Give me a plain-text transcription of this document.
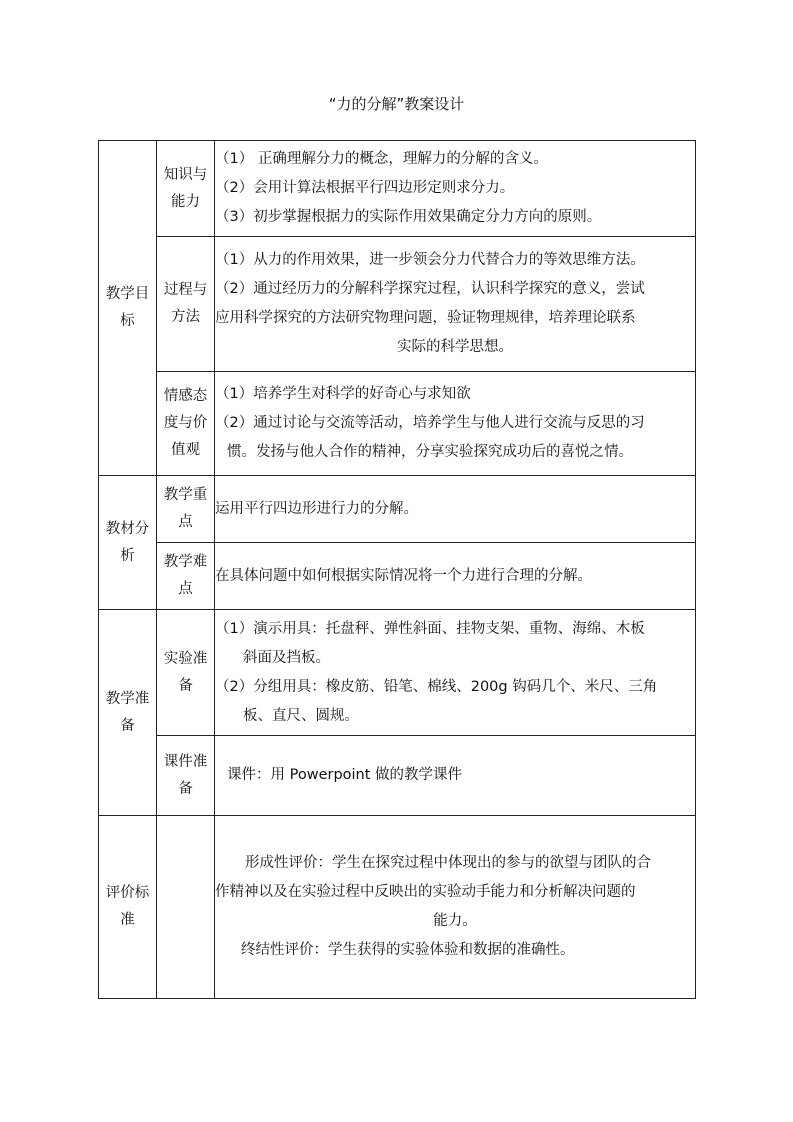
“力的分解”教案设计
教学目标	知识与能力	（1） 正确理解分力的概念，理解力的分解的含义。
（2）会用计算法根据平行四边形定则求分力。
（3）初步掌握根据力的实际作用效果确定分力方向的原则。

	过程与方法	（1）从力的作用效果，进一步领会分力代替合力的等效思维方法。
（2）通过经历力的分解科学探究过程，认识科学探究的意义，尝试
应用科学探究的方法研究物理问题，验证物理规律，培养理论联系
实际的科学思想。

	情感态度与价值观	（1）培养学生对科学的好奇心与求知欲
（2）通过讨论与交流等活动，培养学生与他人进行交流与反思的习
惯。发扬与他人合作的精神，分享实验探究成功后的喜悦之情。

教材分析	教学重点	运用平行四边形进行力的分解。

	教学难点	在具体问题中如何根据实际情况将一个力进行合理的分解。

教学准备	实验准备	（1）演示用具：托盘秤、弹性斜面、挂物支架、重物、海绵、木板
斜面及挡板。
（2）分组用具：橡皮筋、铅笔、棉线、200g 钩码几个、米尺、三角
板、直尺、圆规。

	课件准备	课件：用 Powerpoint 做的教学课件

评价标准		形成性评价：学生在探究过程中体现出的参与的欲望与团队的合
作精神以及在实验过程中反映出的实验动手能力和分析解决问题的
能力。
终结性评价：学生获得的实验体验和数据的准确性。
